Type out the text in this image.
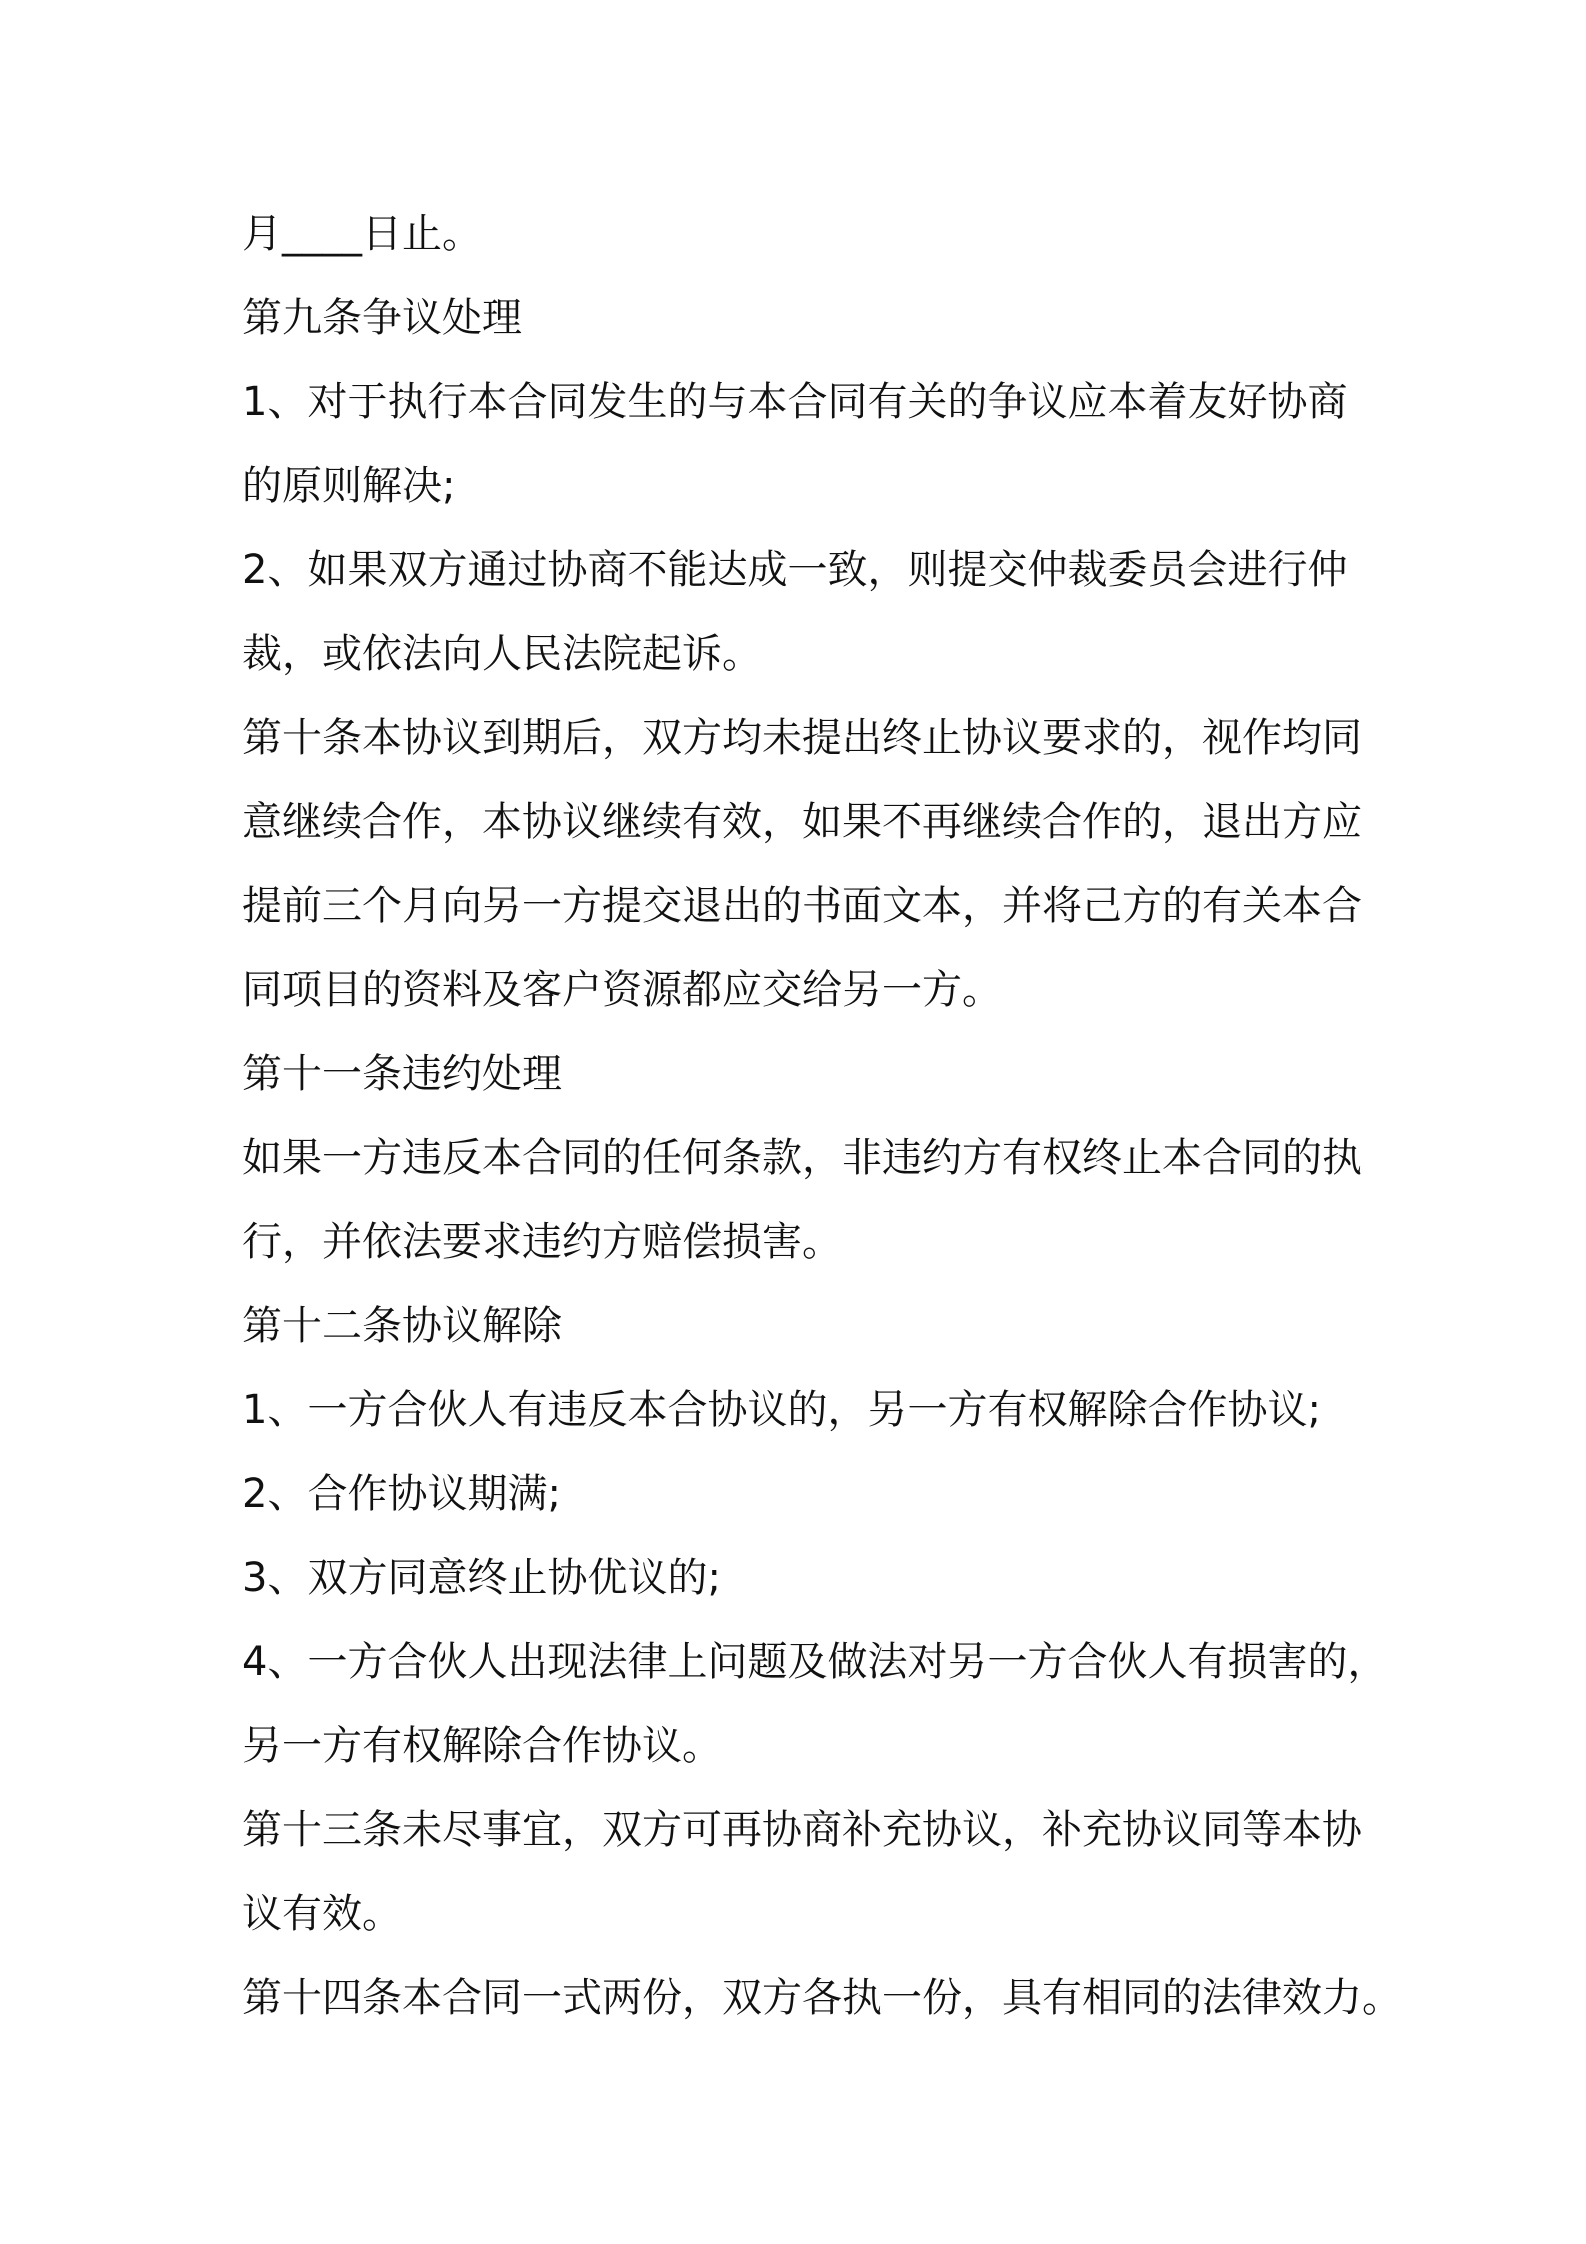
月____日止。
第九条争议处理
1、对于执行本合同发生的与本合同有关的争议应本着友好协商
的原则解决;
2、如果双方通过协商不能达成一致，则提交仲裁委员会进行仲
裁，或依法向人民法院起诉。
第十条本协议到期后，双方均未提出终止协议要求的，视作均同
意继续合作，本协议继续有效，如果不再继续合作的，退出方应
提前三个月向另一方提交退出的书面文本，并将己方的有关本合
同项目的资料及客户资源都应交给另一方。
第十一条违约处理
如果一方违反本合同的任何条款，非违约方有权终止本合同的执
行，并依法要求违约方赔偿损害。
第十二条协议解除
1、一方合伙人有违反本合协议的，另一方有权解除合作协议;
2、合作协议期满;
3、双方同意终止协优议的;
4、一方合伙人出现法律上问题及做法对另一方合伙人有损害的，
另一方有权解除合作协议。
第十三条未尽事宜，双方可再协商补充协议，补充协议同等本协
议有效。
第十四条本合同一式两份，双方各执一份，具有相同的法律效力。
